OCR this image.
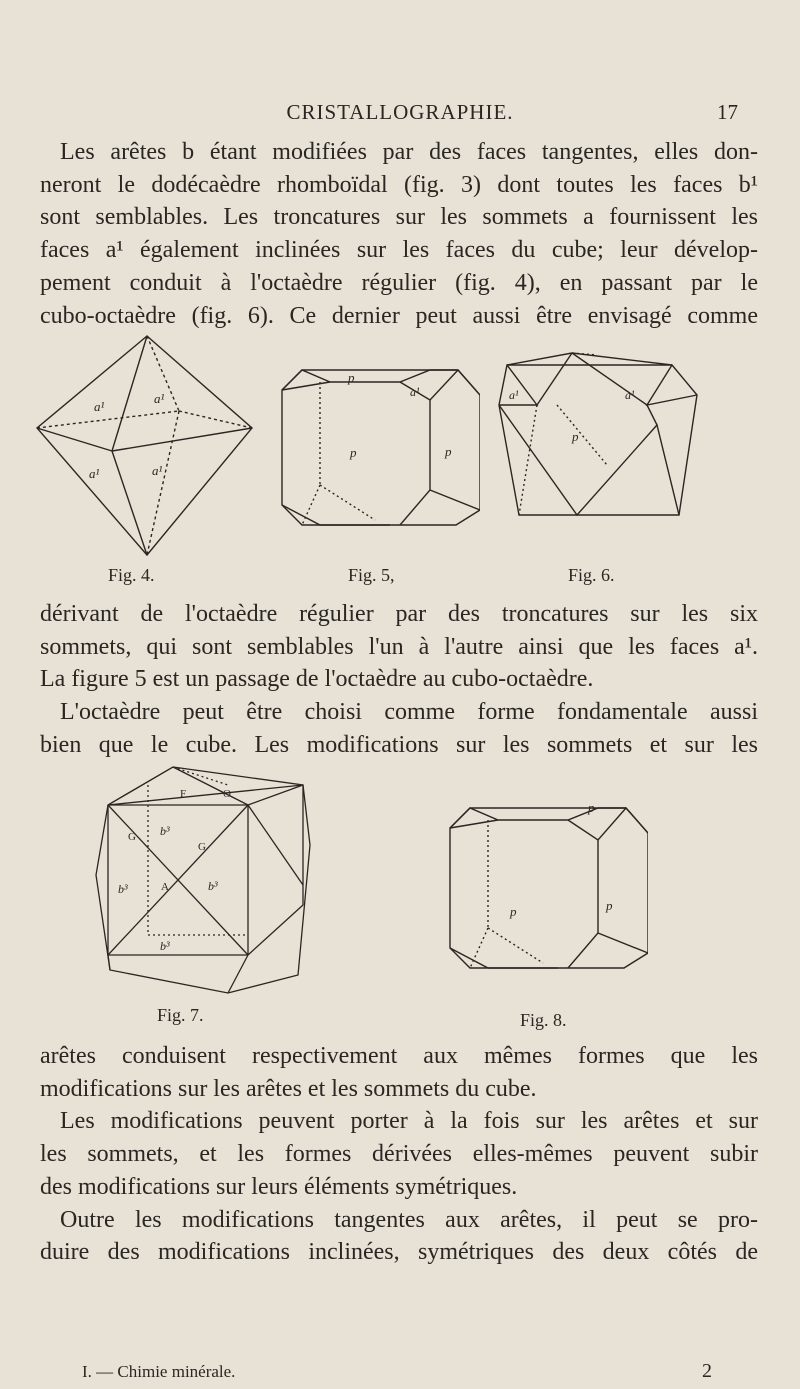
CRISTALLOGRAPHIE.	17
Les arêtes b étant modifiées par des faces tangentes, elles don-
neront le dodécaèdre rhomboïdal (fig. 3) dont toutes les faces b¹
sont semblables. Les troncatures sur les sommets a fournissent les
faces a¹ également inclinées sur les faces du cube; leur dévelop-
pement conduit à l'octaèdre régulier (fig. 4), en passant par le
cubo-octaèdre (fig. 6). Ce dernier peut aussi être envisagé comme
a¹
a¹
a¹	a¹
Fig. 4.
p
a¹
p	p
Fig. 5,
a¹	a¹
p
Fig. 6.
dérivant de l'octaèdre régulier par des troncatures sur les six
sommets, qui sont semblables l'un à l'autre ainsi que les faces a¹.
La figure 5 est un passage de l'octaèdre au cubo-octaèdre.
L'octaèdre peut être choisi comme forme fondamentale aussi
bien que le cube. Les modifications sur les sommets et sur les
F	O
G
G
A
b³
b³	b³
b³
Fig. 7.
p
p	p
Fig. 8.
arêtes conduisent respectivement aux mêmes formes que les
modifications sur les arêtes et les sommets du cube.
Les modifications peuvent porter à la fois sur les arêtes et sur
les sommets, et les formes dérivées elles-mêmes peuvent subir
des modifications sur leurs éléments symétriques.
Outre les modifications tangentes aux arêtes, il peut se pro-
duire des modifications inclinées, symétriques des deux côtés de
I. — Chimie minérale.	2
